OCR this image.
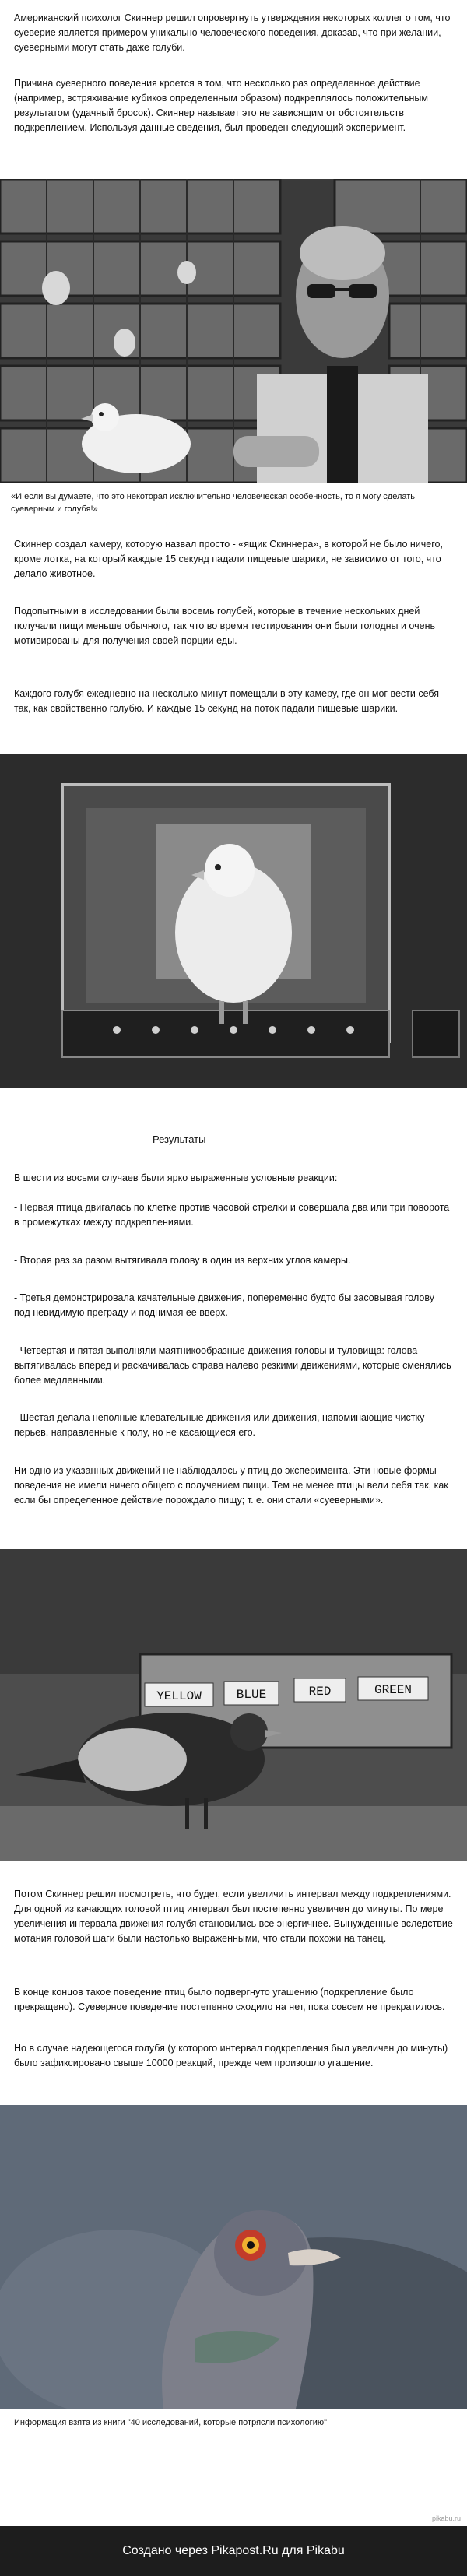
Американский психолог Скиннер решил опровергнуть утверждения некоторых коллег о том, что суеверие является примером уникально человеческого поведения, доказав, что при желании, суеверными могут стать даже голуби.

Причина суеверного поведения кроется в том, что несколько раз определенное действие (например, встряхивание кубиков определенным образом) подкреплялось положительным результатом (удачный бросок). Скиннер называет это не зависящим от обстоятельств подкреплением. Используя данные сведения, был проведен следующий эксперимент.

«И если вы думаете, что это некоторая исключительно человеческая особенность, то я могу сделать суеверным и голубя!»

Скиннер создал камеру, которую назвал просто - «ящик Скиннера», в которой не было ничего, кроме лотка, на который каждые 15 секунд падали пищевые шарики, не зависимо от того, что делало животное.

Подопытными в исследовании были восемь голубей, которые в течение нескольких дней получали пищи меньше обычного, так что во время тестирования они были голодны и очень мотивированы для получения своей порции еды.

Каждого голубя ежедневно на несколько минут помещали в эту камеру, где он мог вести себя так, как свойственно голубю. И каждые 15 секунд на поток падали пищевые шарики.

Результаты

В шести из восьми случаев были ярко выраженные условные реакции:

- Первая птица двигалась по клетке против часовой стрелки и совершала два или три поворота в промежутках между подкреплениями.

- Вторая раз за разом вытягивала голову в один из верхних углов камеры.

- Третья демонстрировала качательные движения, попеременно будто бы засовывая голову под невидимую преграду и поднимая ее вверх.

- Четвертая и пятая выполняли маятникообразные движения головы и туловища: голова вытягивалась вперед и раскачивалась справа налево резкими движениями, которые сменялись более медленными.

- Шестая делала неполные клевательные движения или движения, напоминающие чистку перьев, направленные к полу, но не касающиеся его.

Ни одно из указанных движений не наблюдалось у птиц до эксперимента. Эти новые формы поведения не имели ничего общего с получением пищи. Тем не менее птицы вели себя так, как если бы определенное действие порождало пищу; т. е. они стали «суеверными».

YELLOW	BLUE	RED	GREEN

Потом Скиннер решил посмотреть, что будет, если увеличить интервал между подкреплениями. Для одной из качающих головой птиц интервал был постепенно увеличен до минуты. По мере увеличения интервала движения голубя становились все энергичнее. Вынужденные вследствие мотания головой шаги были настолько выраженными, что стали похожи на танец.

В конце концов такое поведение птиц было подвергнуто угашению (подкрепление было прекращено). Суеверное поведение постепенно сходило на нет, пока совсем не прекратилось.

Но в случае надеющегося голубя (у которого интервал подкрепления был увеличен до минуты) было зафиксировано свыше 10000 реакций, прежде чем произошло угашение.

Информация взята из книги "40 исследований, которые потрясли психологию"

pikabu.ru

Создано через Pikapost.Ru для Pikabu
